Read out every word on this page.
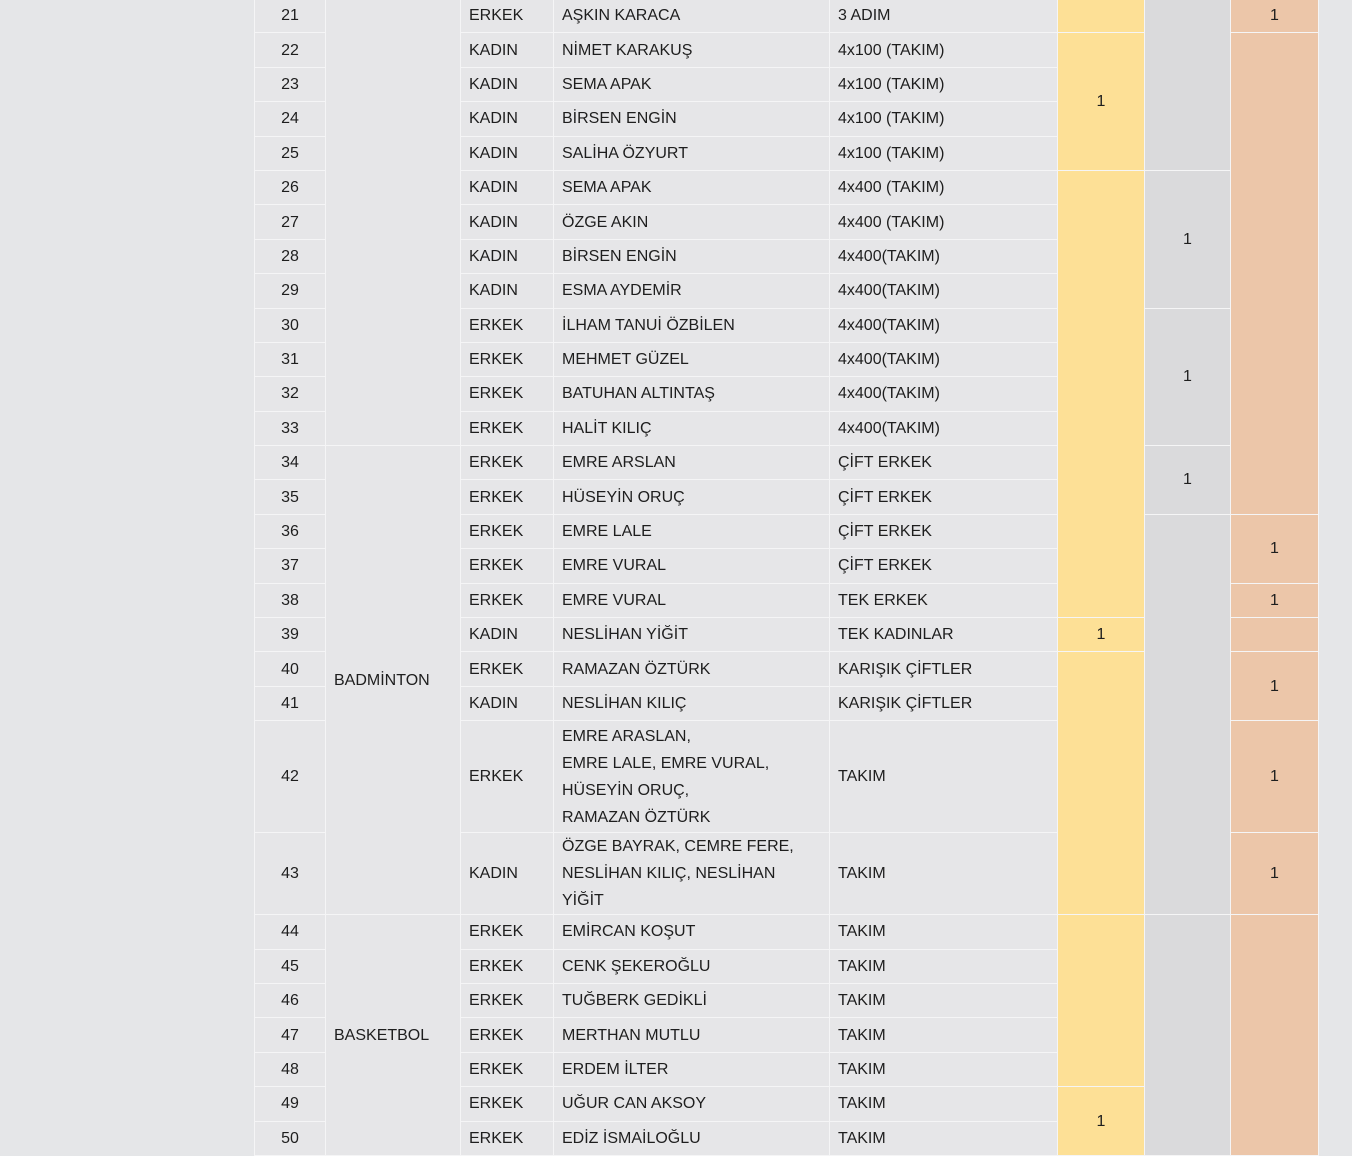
21		ERKEK	AŞKIN KARACA	3 ADIM			1
22		KADIN	NİMET KARAKUŞ	4x100 (TAKIM)	1		
23		KADIN	SEMA APAK	4x100 (TAKIM)			
24		KADIN	BİRSEN ENGİN	4x100 (TAKIM)			
25		KADIN	SALİHA ÖZYURT	4x100 (TAKIM)			
26		KADIN	SEMA APAK	4x400 (TAKIM)		1	
27		KADIN	ÖZGE AKIN	4x400 (TAKIM)			
28		KADIN	BİRSEN ENGİN	4x400(TAKIM)			
29		KADIN	ESMA AYDEMİR	4x400(TAKIM)			
30		ERKEK	İLHAM TANUİ ÖZBİLEN	4x400(TAKIM)		1	
31		ERKEK	MEHMET GÜZEL	4x400(TAKIM)			
32		ERKEK	BATUHAN ALTINTAŞ	4x400(TAKIM)			
33		ERKEK	HALİT KILIÇ	4x400(TAKIM)			
34	BADMİNTON	ERKEK	EMRE ARSLAN	ÇİFT ERKEK		1	
35		ERKEK	HÜSEYİN ORUÇ	ÇİFT ERKEK			
36		ERKEK	EMRE LALE	ÇİFT ERKEK			1
37		ERKEK	EMRE VURAL	ÇİFT ERKEK			
38		ERKEK	EMRE VURAL	TEK ERKEK			1
39		KADIN	NESLİHAN YİĞİT	TEK KADINLAR	1		
40		ERKEK	RAMAZAN ÖZTÜRK	KARIŞIK ÇİFTLER			1
41		KADIN	NESLİHAN KILIÇ	KARIŞIK ÇİFTLER			
42		ERKEK	EMRE ARASLAN,
EMRE LALE, EMRE VURAL,
HÜSEYİN ORUÇ,
RAMAZAN ÖZTÜRK	TAKIM			1
43		KADIN	ÖZGE BAYRAK, CEMRE FERE,
NESLİHAN KILIÇ, NESLİHAN YİĞİT	TAKIM			1
44	BASKETBOL	ERKEK	EMİRCAN KOŞUT	TAKIM			
45		ERKEK	CENK ŞEKEROĞLU	TAKIM			
46		ERKEK	TUĞBERK GEDİKLİ	TAKIM			
47		ERKEK	MERTHAN MUTLU	TAKIM			
48		ERKEK	ERDEM İLTER	TAKIM			
49		ERKEK	UĞUR CAN AKSOY	TAKIM	1		
50		ERKEK	EDİZ İSMAİLOĞLU	TAKIM			
